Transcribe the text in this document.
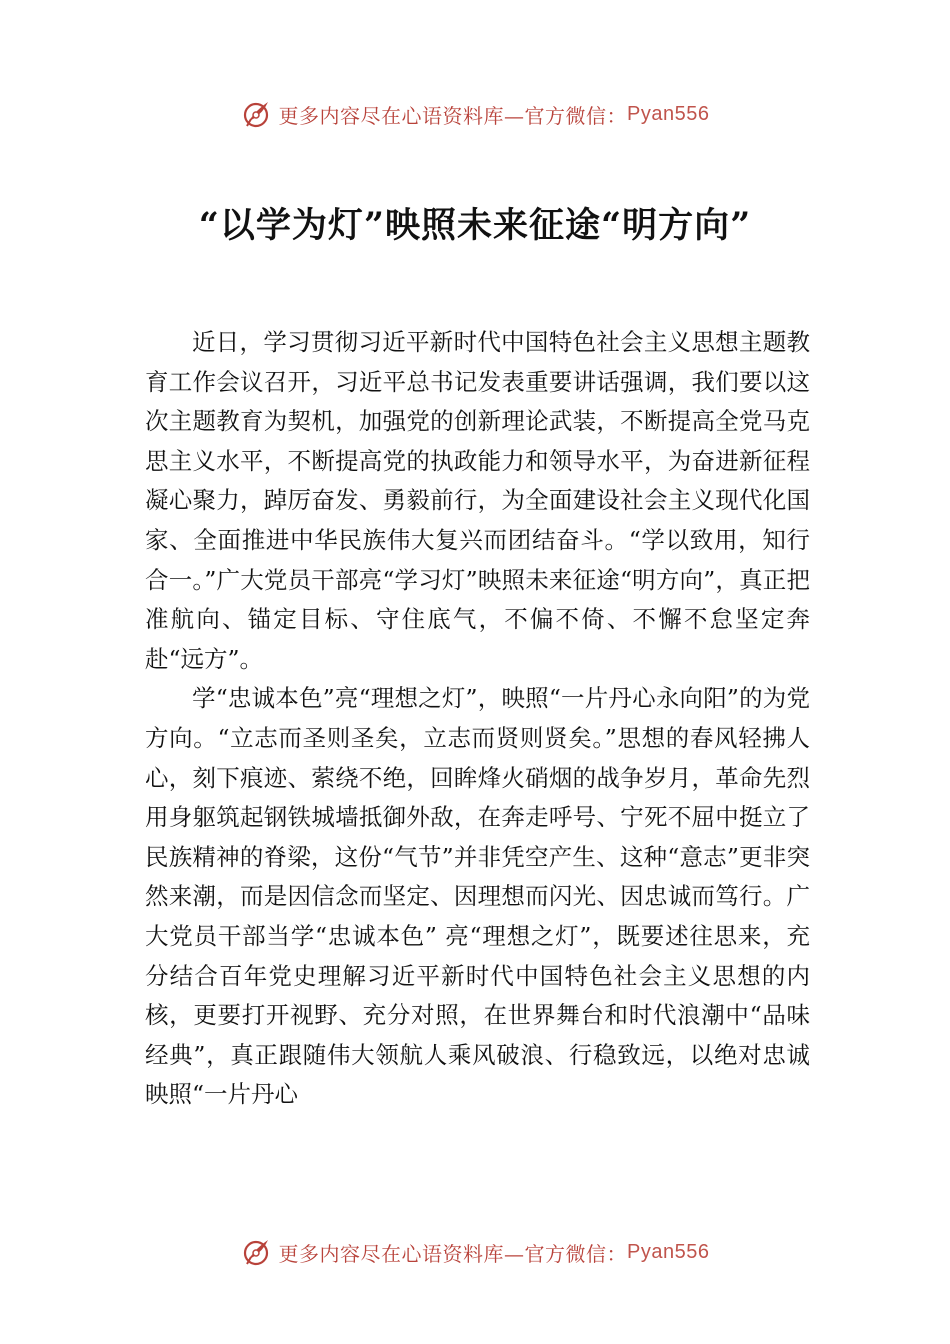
更多内容尽在心语资料库—官方微信： Pyan556
“以学为灯”映照未来征途“明方向”

近日，学习贯彻习近平新时代中国特色社会主义思想主题教育工作会议召开，习近平总书记发表重要讲话强调，我们要以这次主题教育为契机，加强党的创新理论武装，不断提高全党马克思主义水平，不断提高党的执政能力和领导水平，为奋进新征程凝心聚力，踔厉奋发、勇毅前行，为全面建设社会主义现代化国家、全面推进中华民族伟大复兴而团结奋斗。“学以致用，知行合一。”广大党员干部亮“学习灯”映照未来征途“明方向”，真正把准航向、锚定目标、守住底气，不偏不倚、不懈不怠坚定奔赴“远方”。

学“忠诚本色”亮“理想之灯”，映照“一片丹心永向阳”的为党方向。“立志而圣则圣矣，立志而贤则贤矣。”思想的春风轻拂人心，刻下痕迹、萦绕不绝，回眸烽火硝烟的战争岁月，革命先烈用身躯筑起钢铁城墙抵御外敌，在奔走呼号、宁死不屈中挺立了民族精神的脊梁，这份“气节”并非凭空产生、这种“意志”更非突然来潮，而是因信念而坚定、因理想而闪光、因忠诚而笃行。广大党员干部当学“忠诚本色” 亮“理想之灯”，既要述往思来，充分结合百年党史理解习近平新时代中国特色社会主义思想的内核，更要打开视野、充分对照，在世界舞台和时代浪潮中“品味经典”，真正跟随伟大领航人乘风破浪、行稳致远，以绝对忠诚映照“一片丹心

更多内容尽在心语资料库—官方微信： Pyan556
